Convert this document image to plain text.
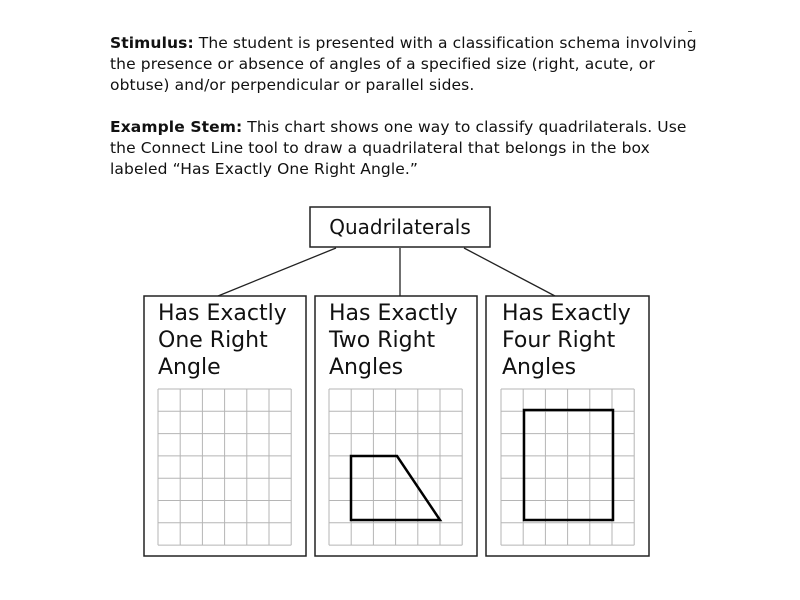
Stimulus: The student is presented with a classification schema involving the presence or absence of angles of a specified size (right, acute, or obtuse) and/or perpendicular or parallel sides.
Example Stem: This chart shows one way to classify quadrilaterals. Use the Connect Line tool to draw a quadrilateral that belongs in the box labeled “Has Exactly One Right Angle.”
Quadrilaterals
Has Exactly
One Right
Angle
Has Exactly
Two Right
Angles
Has Exactly
Four Right
Angles
